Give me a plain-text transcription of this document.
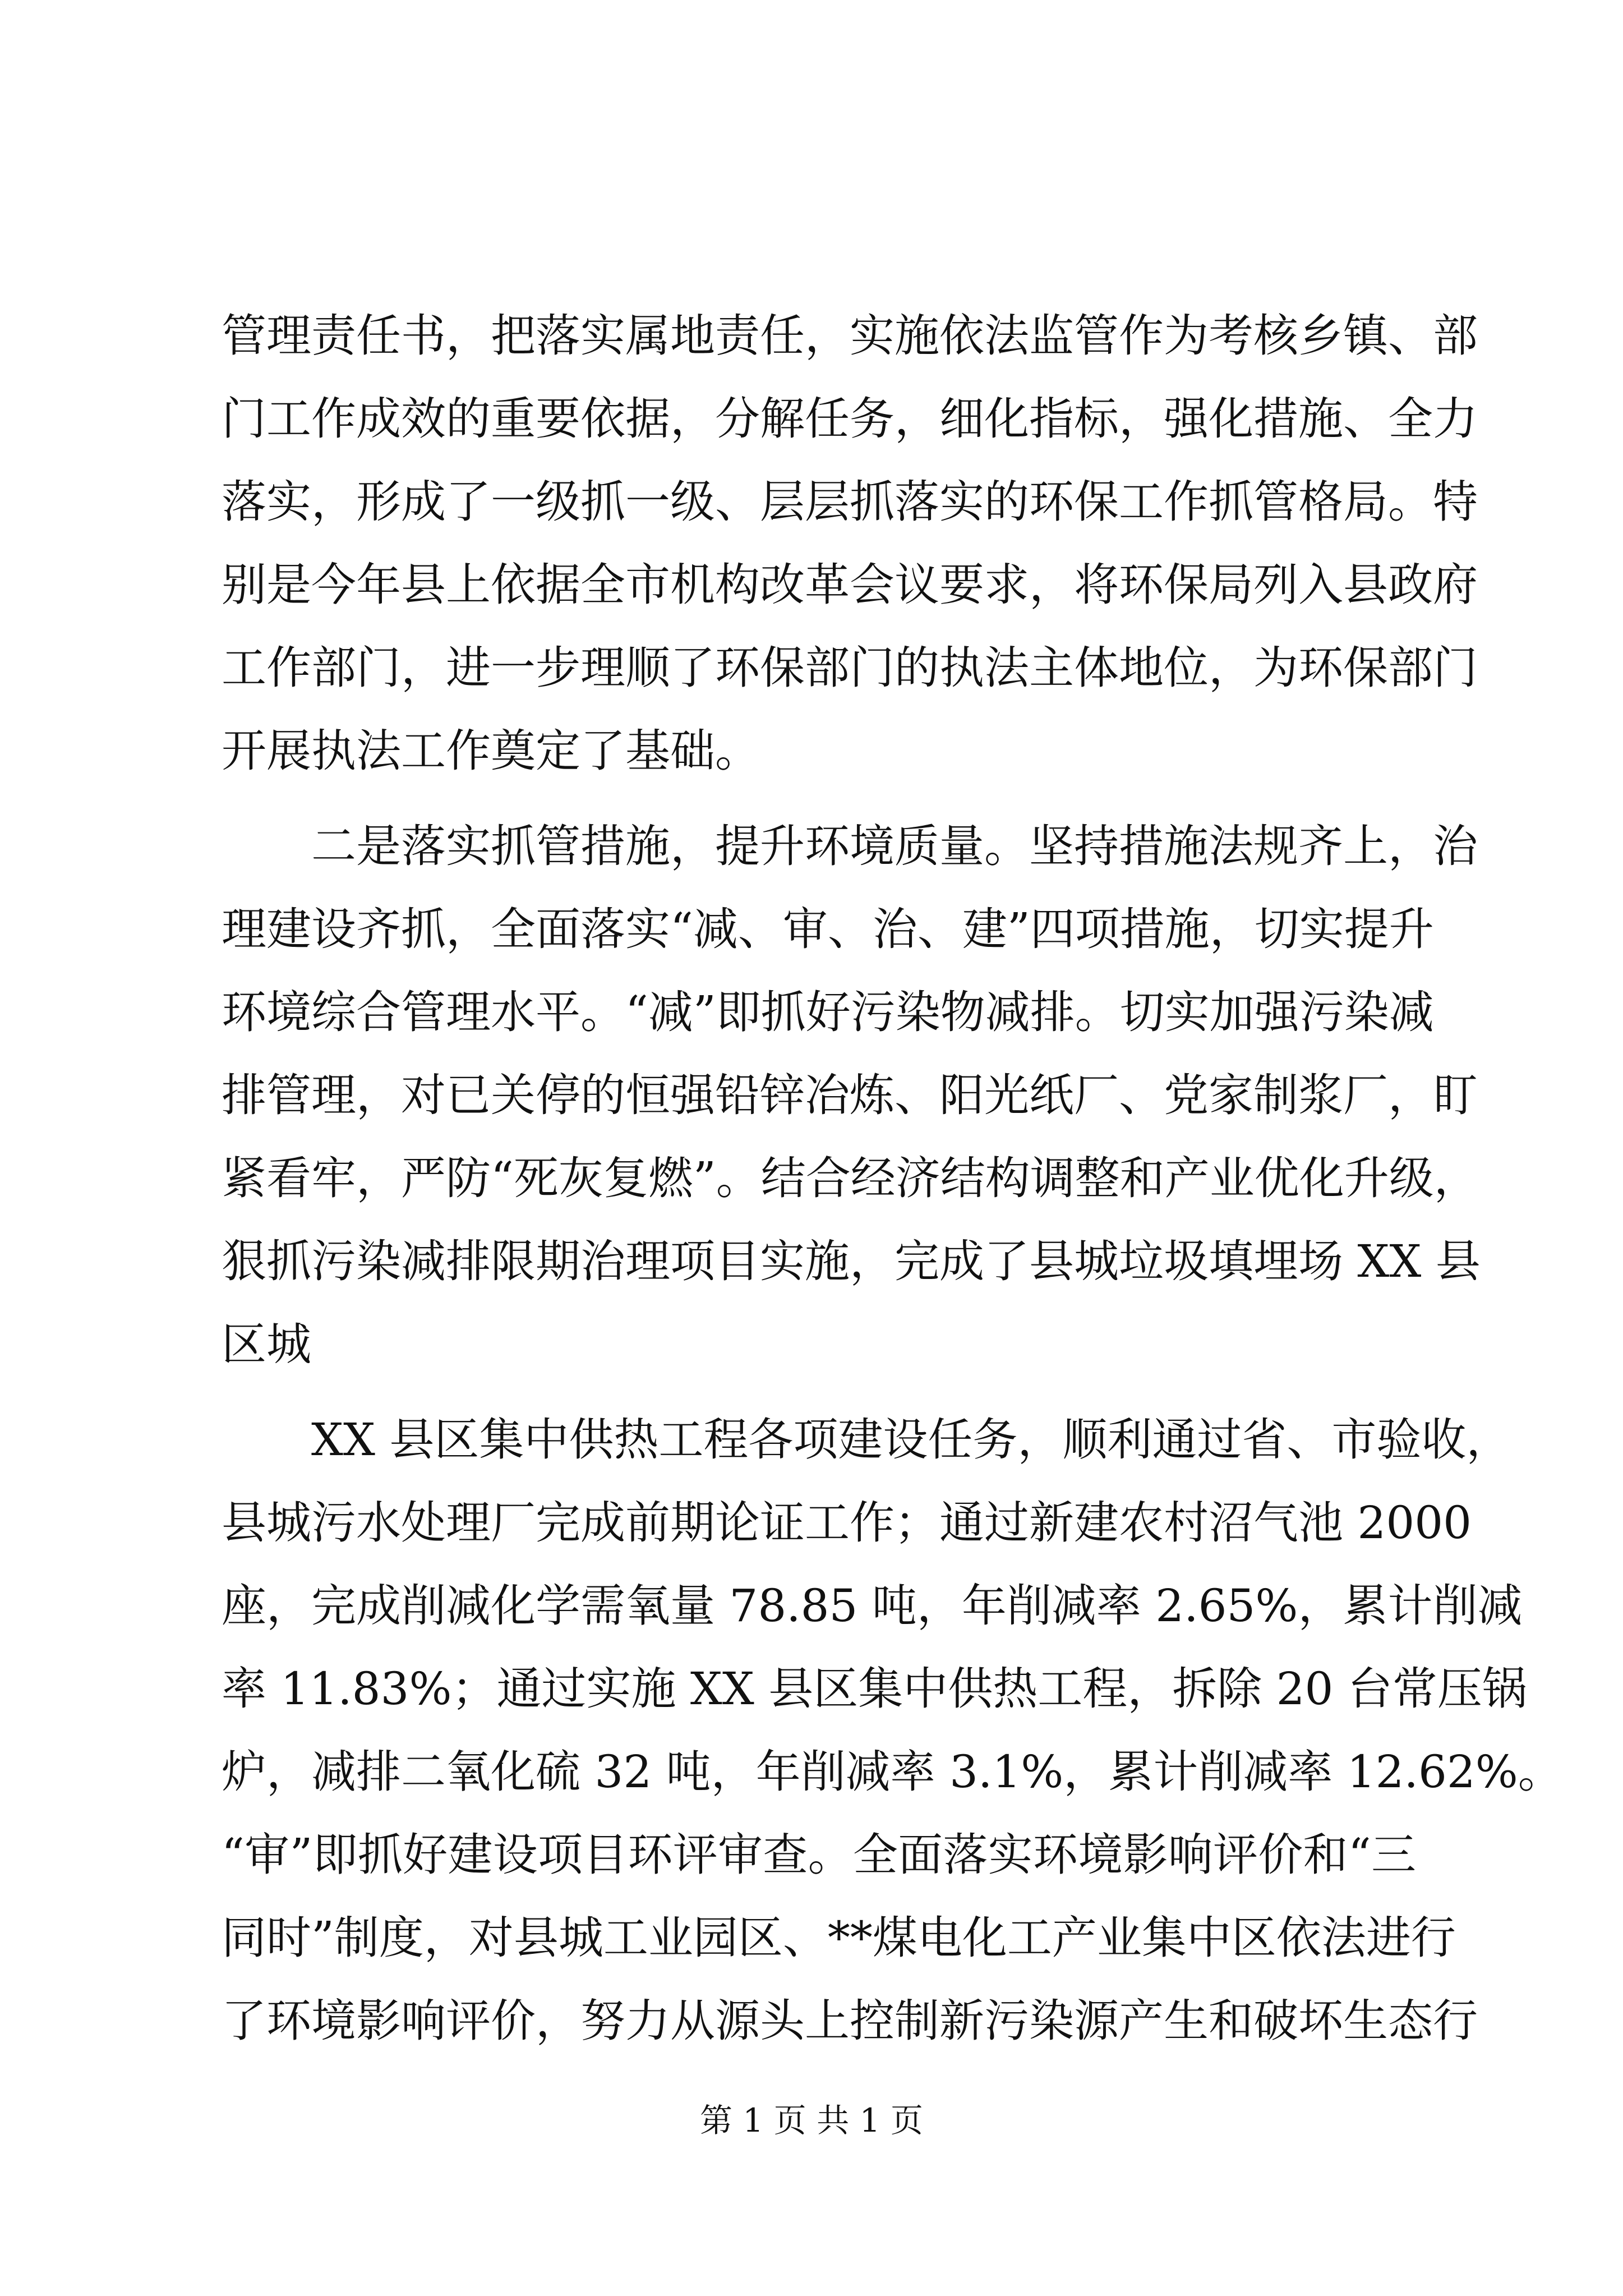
管理责任书，把落实属地责任，实施依法监管作为考核乡镇、部
门工作成效的重要依据，分解任务，细化指标，强化措施、全力
落实，形成了一级抓一级、层层抓落实的环保工作抓管格局。特
别是今年县上依据全市机构改革会议要求，将环保局列入县政府
工作部门，进一步理顺了环保部门的执法主体地位，为环保部门
开展执法工作奠定了基础。
二是落实抓管措施，提升环境质量。坚持措施法规齐上，治
理建设齐抓，全面落实“减、审、治、建”四项措施，切实提升
环境综合管理水平。“减”即抓好污染物减排。切实加强污染减
排管理，对已关停的恒强铅锌冶炼、阳光纸厂、党家制浆厂，盯
紧看牢，严防“死灰复燃”。结合经济结构调整和产业优化升级，
狠抓污染减排限期治理项目实施，完成了县城垃圾填埋场 XX 县
区城
XX 县区集中供热工程各项建设任务，顺利通过省、市验收，
县城污水处理厂完成前期论证工作；通过新建农村沼气池 2000
座，完成削减化学需氧量 78.85 吨，年削减率 2.65%，累计削减
率 11.83%；通过实施 XX 县区集中供热工程，拆除 20 台常压锅
炉，减排二氧化硫 32 吨，年削减率 3.1%，累计削减率 12.62%。
“审”即抓好建设项目环评审查。全面落实环境影响评价和“三
同时”制度，对县城工业园区、**煤电化工产业集中区依法进行
了环境影响评价，努力从源头上控制新污染源产生和破坏生态行
第 1 页 共 1 页
